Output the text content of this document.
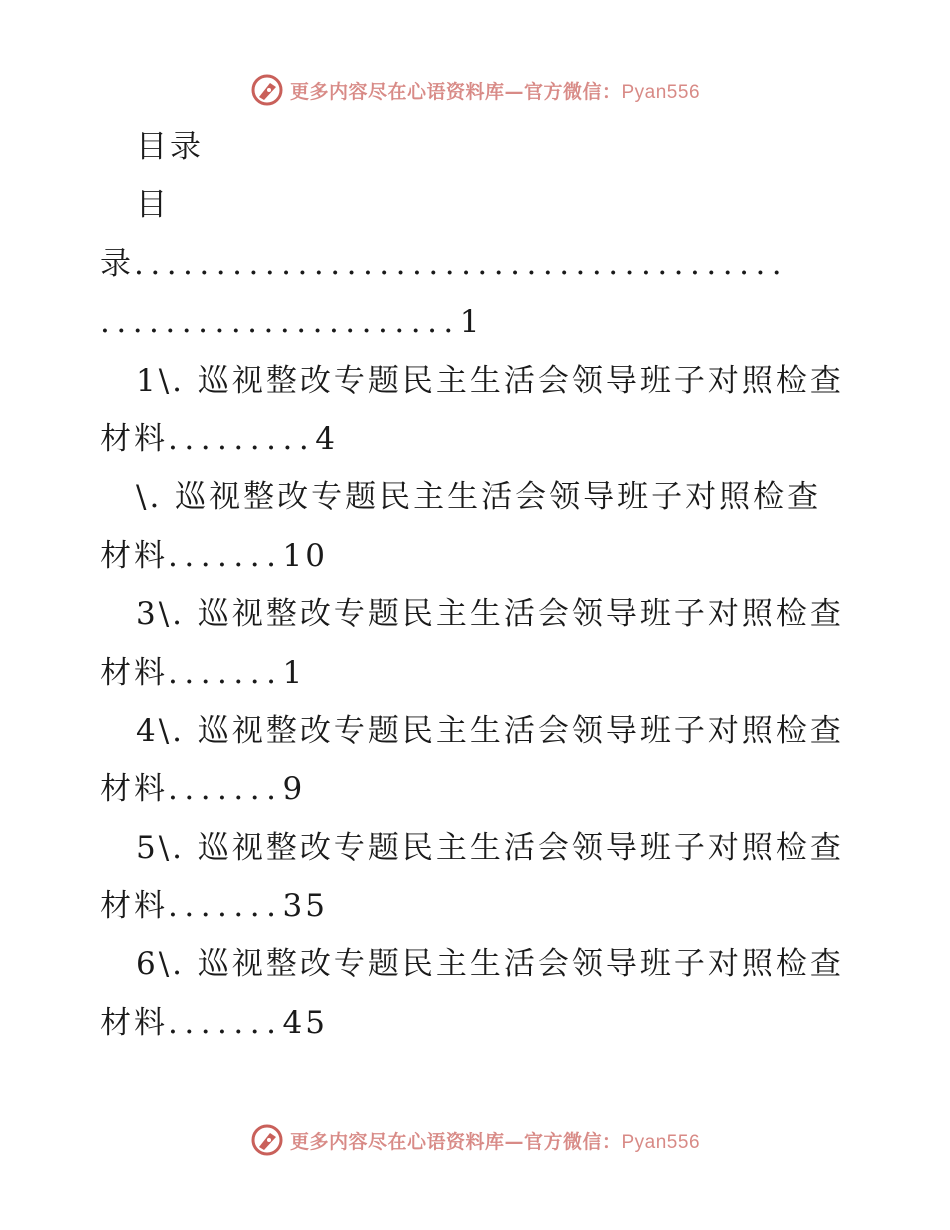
更多内容尽在心语资料库—官方微信：Pyan556
目录
目
录........................................
......................1
1\. 巡视整改专题民主生活会领导班子对照检查
材料.........4
\. 巡视整改专题民主生活会领导班子对照检查
材料.......10
3\. 巡视整改专题民主生活会领导班子对照检查
材料.......1
4\. 巡视整改专题民主生活会领导班子对照检查
材料.......9
5\. 巡视整改专题民主生活会领导班子对照检查
材料.......35
6\. 巡视整改专题民主生活会领导班子对照检查
材料.......45
更多内容尽在心语资料库—官方微信：Pyan556
